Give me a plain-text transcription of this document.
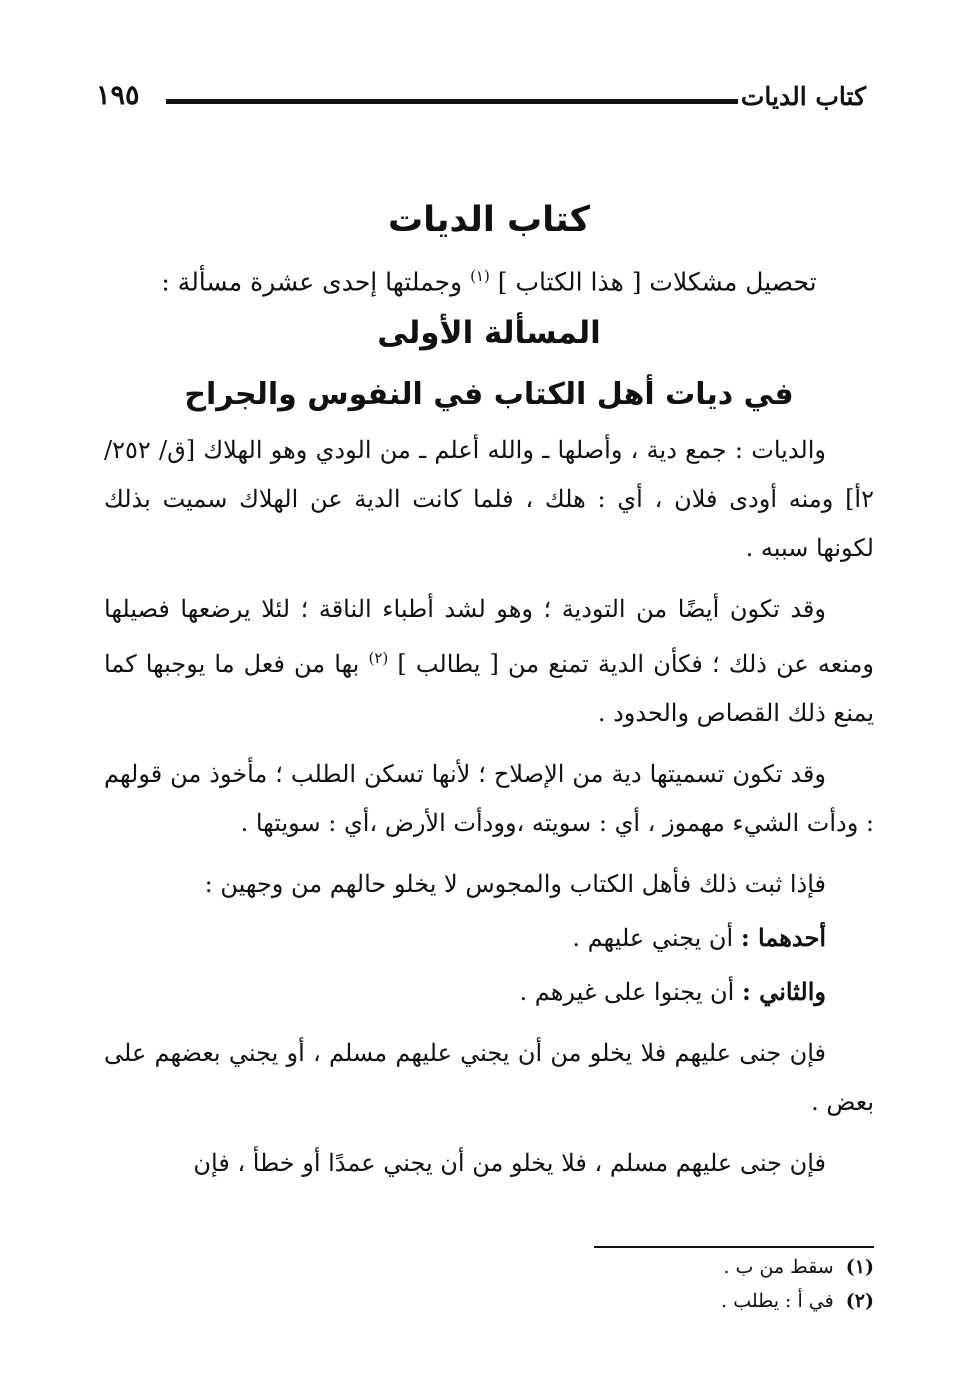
كتاب الديات
١٩٥
كتاب الديات

تحصيل مشكلات [ هذا الكتاب ] $^{(١)}$ وجملتها إحدى عشرة مسألة :

المسألة الأولى
في ديات أهل الكتاب في النفوس والجراح

والديات : جمع دية ، وأصلها ـ والله أعلم ـ من الودي وهو الهلاك [ق/ ٢٥٢/ ٢أ] ومنه أودى فلان ، أي : هلك ، فلما كانت الدية عن الهلاك سميت بذلك لكونها سببه .

وقد تكون أيضًا من التودية ؛ وهو لشد أطباء الناقة ؛ لئلا يرضعها فصيلها ومنعه عن ذلك ؛ فكأن الدية تمنع من [ يطالب ] $^{(٢)}$ بها من فعل ما يوجبها كما يمنع ذلك القصاص والحدود .

وقد تكون تسميتها دية من الإصلاح ؛ لأنها تسكن الطلب ؛ مأخوذ من قولهم : ودأت الشيء مهموز ، أي : سويته ،وودأت الأرض ،أي : سويتها .

فإذا ثبت ذلك فأهل الكتاب والمجوس لا يخلو حالهم من وجهين :

أحدهما : أن يجني عليهم .

والثاني : أن يجنوا على غيرهم .

فإن جنى عليهم فلا يخلو من أن يجني عليهم مسلم ، أو يجني بعضهم على بعض .

فإن جنى عليهم مسلم ، فلا يخلو من أن يجني عمدًا أو خطأ ، فإن

(١) سقط من ب .

(٢) في أ : يطلب .
